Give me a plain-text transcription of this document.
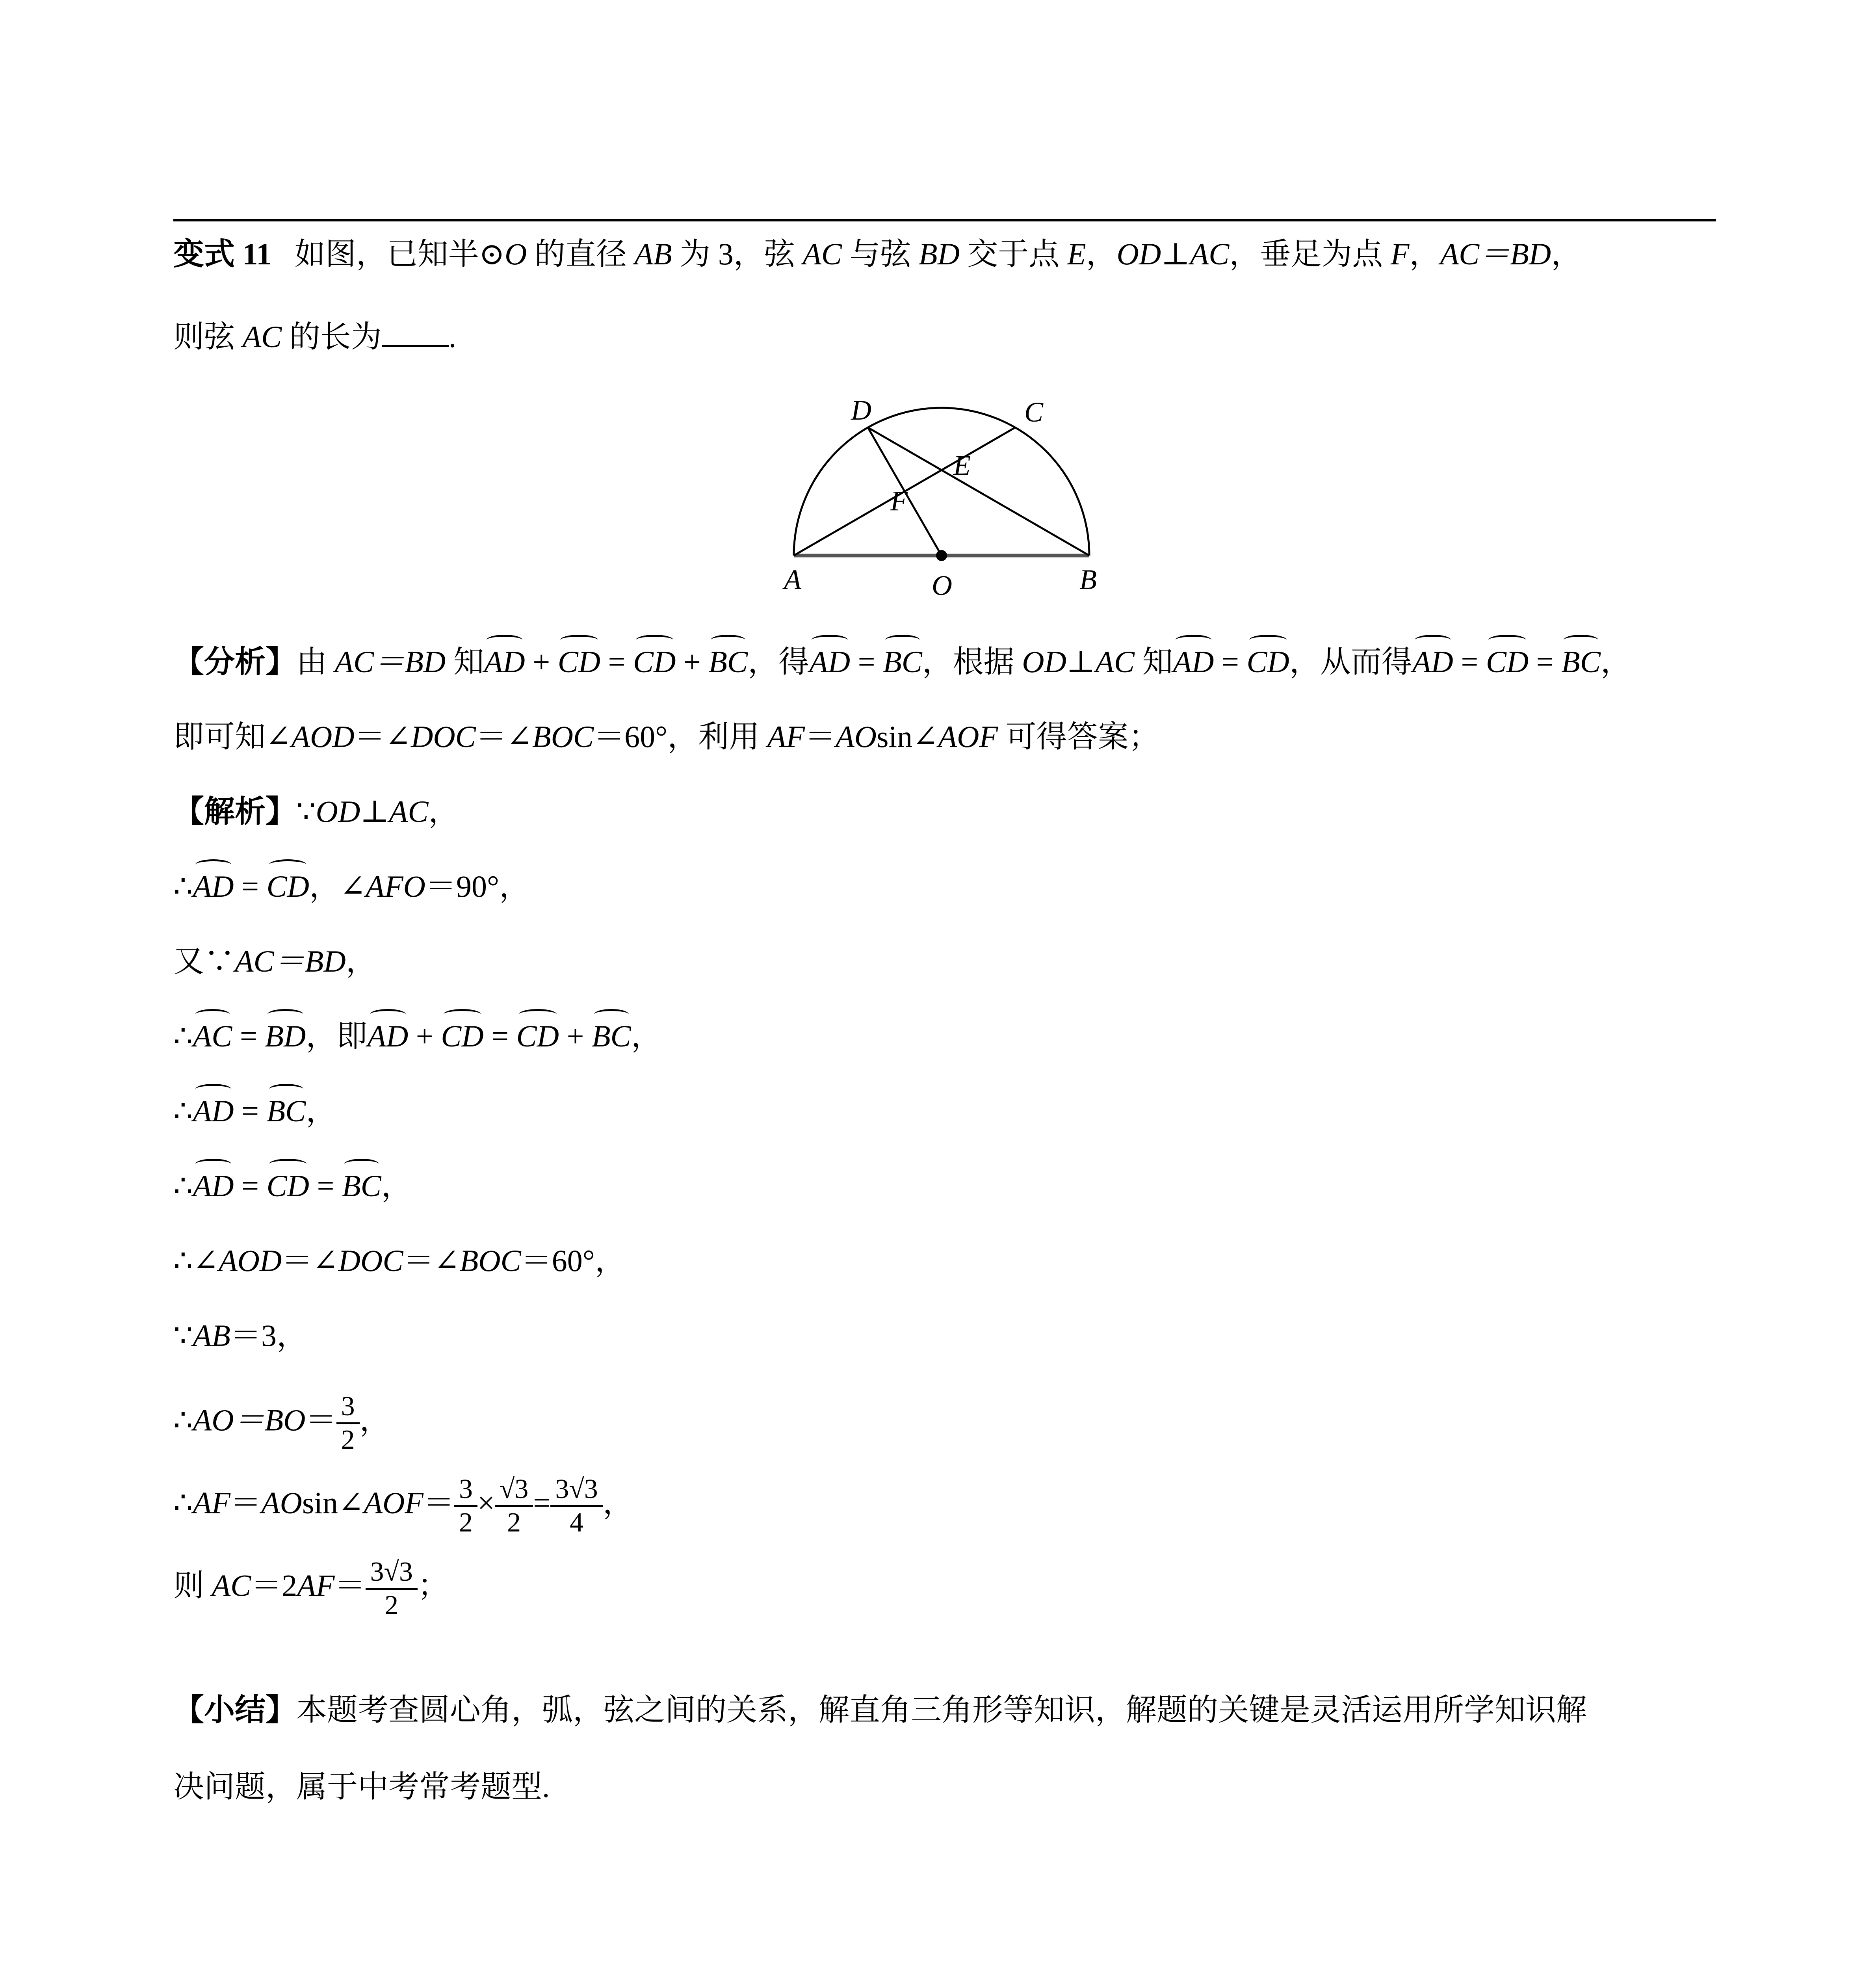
变式 11 如图，已知半⊙O 的直径 AB 为 3，弦 AC 与弦 BD 交于点 E，OD⊥AC，垂足为点 F，AC＝BD，
则弦 AC 的长为 .
D	C
E
F
A	O	B
【分析】由 AC＝BD 知AD + CD = CD + BC，得AD = BC，根据 OD⊥AC 知AD = CD，从而得AD = CD = BC，
即可知∠AOD＝∠DOC＝∠BOC＝60°，利用 AF＝AOsin∠AOF 可得答案；
【解析】∵OD⊥AC，
∴AD = CD，∠AFO＝90°，
又∵AC＝BD，
∴AC = BD，即AD + CD = CD + BC，
∴AD = BC，
∴AD = CD = BC，
∴∠AOD＝∠DOC＝∠BOC＝60°，
∵AB＝3，
∴AO＝BO＝ $\frac{3}{2}$ ，
∴AF＝AOsin∠AOF＝ $\frac{3}{2} \times \frac{√3}{2} = \frac{3√3}{4}$ ，
则 $AC=2AF= \frac{3√3}{2}$ ；
【小结】本题考查圆心角，弧，弦之间的关系，解直角三角形等知识，解题的关键是灵活运用所学知识解
决问题，属于中考常考题型.
